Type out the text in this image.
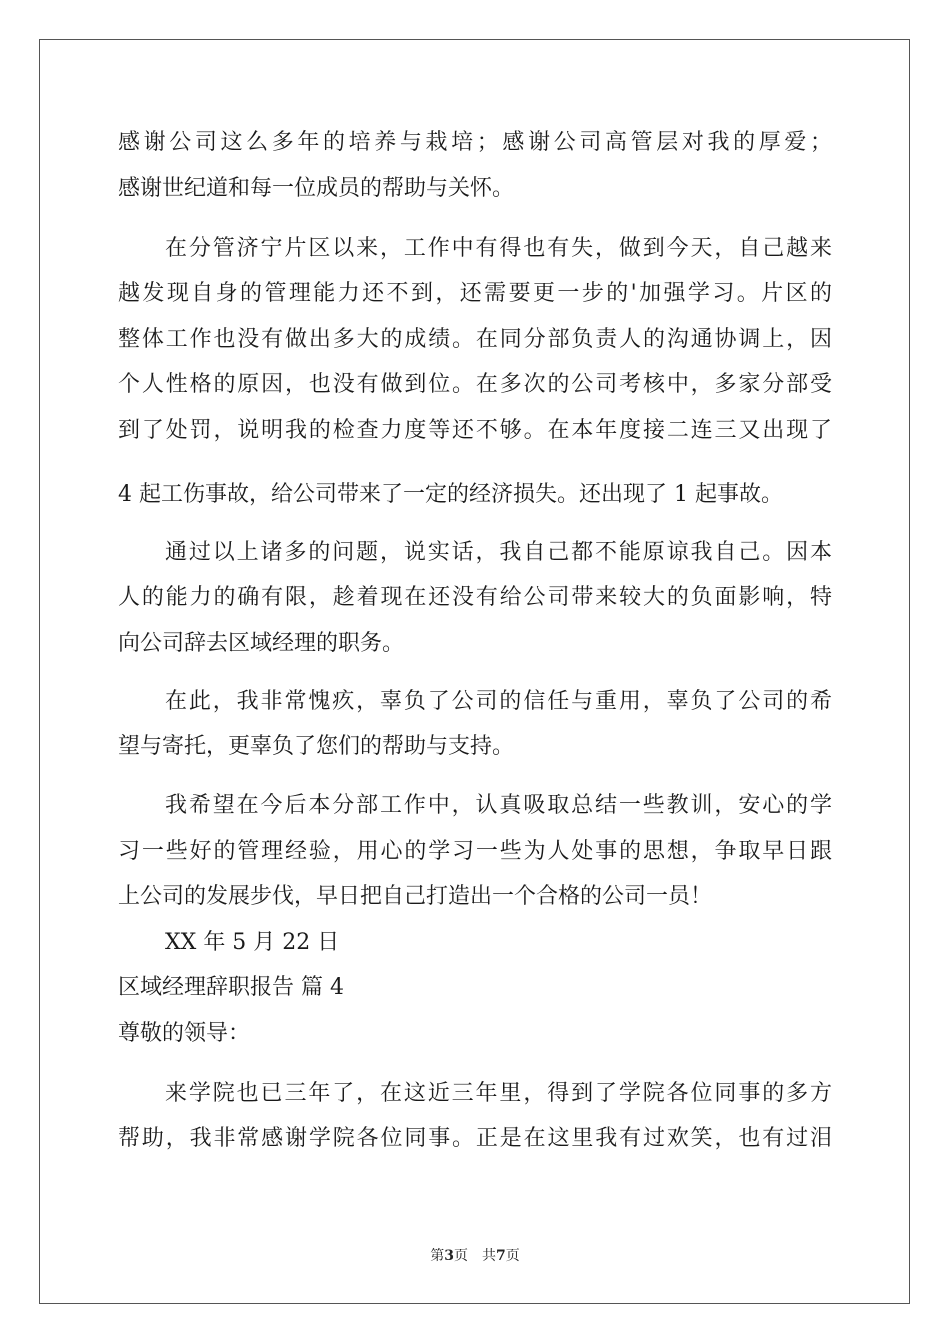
感谢公司这么多年的培养与栽培；感谢公司高管层对我的厚爱；
感谢世纪道和每一位成员的帮助与关怀。
在分管济宁片区以来，工作中有得也有失，做到今天，自己越来
越发现自身的管理能力还不到，还需要更一步的'加强学习。片区的
整体工作也没有做出多大的成绩。在同分部负责人的沟通协调上，因
个人性格的原因，也没有做到位。在多次的公司考核中，多家分部受
到了处罚，说明我的检查力度等还不够。在本年度接二连三又出现了
4 起工伤事故，给公司带来了一定的经济损失。还出现了 1 起事故。
通过以上诸多的问题，说实话，我自己都不能原谅我自己。因本
人的能力的确有限，趁着现在还没有给公司带来较大的负面影响，特
向公司辞去区域经理的职务。
在此，我非常愧疚，辜负了公司的信任与重用，辜负了公司的希
望与寄托，更辜负了您们的帮助与支持。
我希望在今后本分部工作中，认真吸取总结一些教训，安心的学
习一些好的管理经验，用心的学习一些为人处事的思想，争取早日跟
上公司的发展步伐，早日把自己打造出一个合格的公司一员！
XX 年 5 月 22 日
区域经理辞职报告 篇 4
尊敬的领导：
来学院也已三年了，在这近三年里，得到了学院各位同事的多方
帮助，我非常感谢学院各位同事。正是在这里我有过欢笑，也有过泪
第3页　共7页
